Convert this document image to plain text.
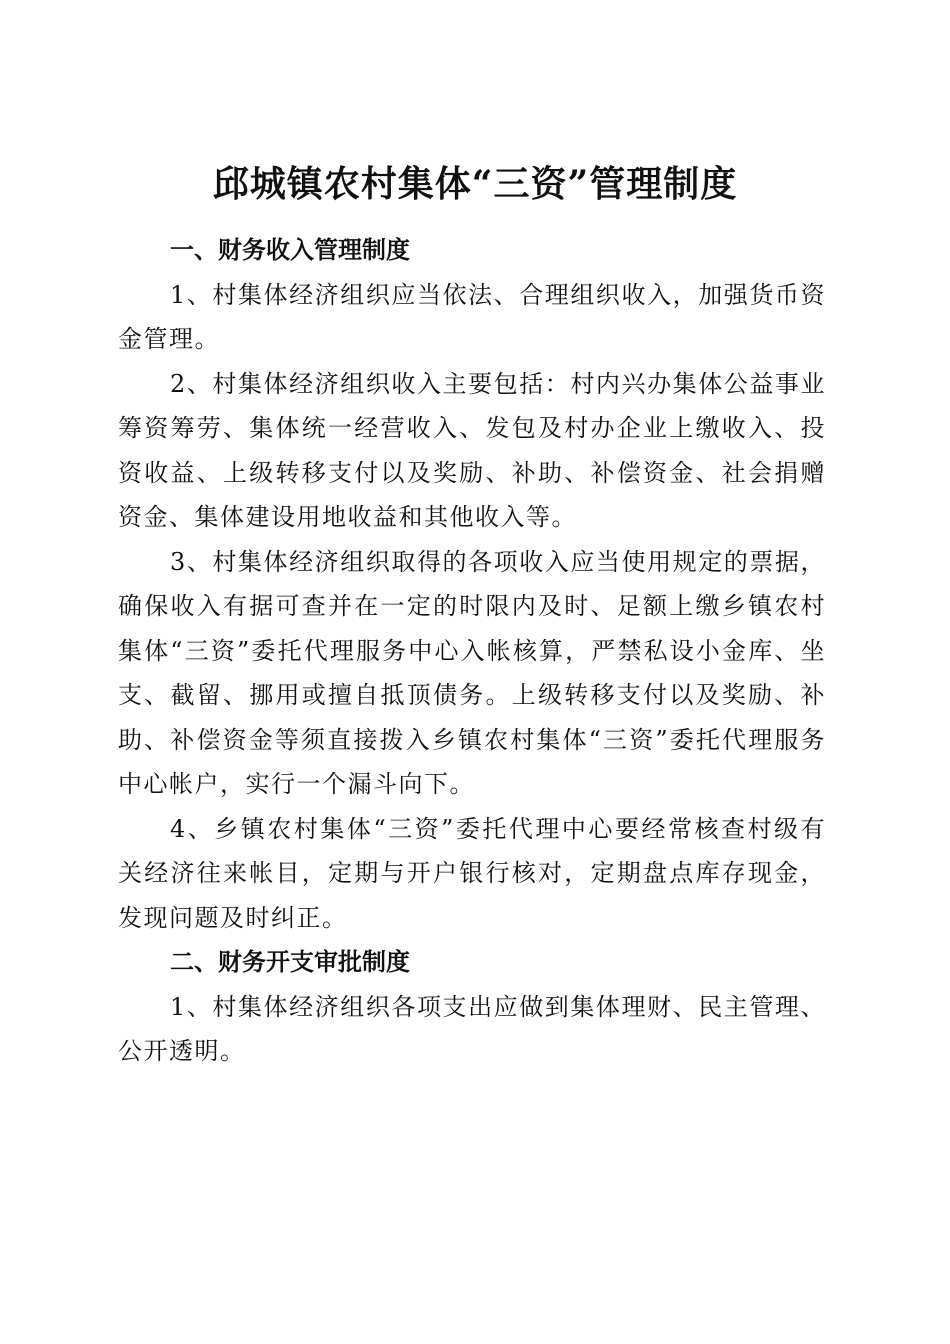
邱城镇农村集体“三资”管理制度

一、财务收入管理制度

1、村集体经济组织应当依法、合理组织收入，加强货币资金管理。

2、村集体经济组织收入主要包括：村内兴办集体公益事业筹资筹劳、集体统一经营收入、发包及村办企业上缴收入、投资收益、上级转移支付以及奖励、补助、补偿资金、社会捐赠资金、集体建设用地收益和其他收入等。

3、村集体经济组织取得的各项收入应当使用规定的票据，确保收入有据可查并在一定的时限内及时、足额上缴乡镇农村集体“三资”委托代理服务中心入帐核算，严禁私设小金库、坐支、截留、挪用或擅自抵顶债务。上级转移支付以及奖励、补助、补偿资金等须直接拨入乡镇农村集体“三资”委托代理服务中心帐户，实行一个漏斗向下。

4、乡镇农村集体“三资”委托代理中心要经常核查村级有关经济往来帐目，定期与开户银行核对，定期盘点库存现金，发现问题及时纠正。

二、财务开支审批制度

1、村集体经济组织各项支出应做到集体理财、民主管理、公开透明。
